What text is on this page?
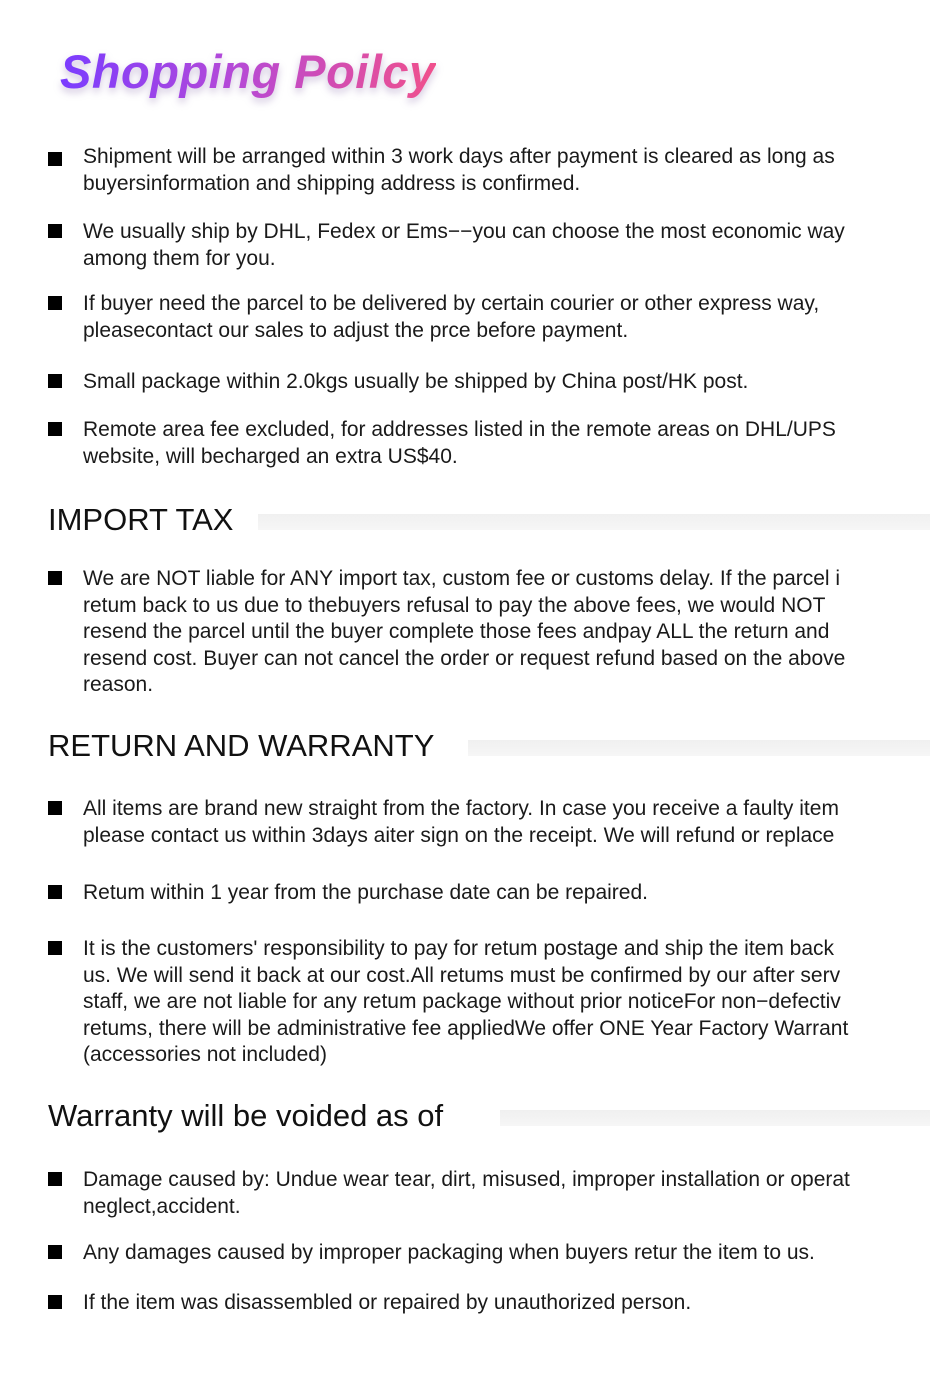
Shopping Poilcy

Shipment will be arranged within 3 work days after payment is cleared as long as
buyersinformation and shipping address is confirmed.

We usually ship by DHL, Fedex or Ems−−you can choose the most economic way
among them for you.

If buyer need the parcel to be delivered by certain courier or other express way,
pleasecontact our sales to adjust the prce before payment.

Small package within 2.0kgs usually be shipped by China post/HK post.

Remote area fee excluded, for addresses listed in the remote areas on DHL/UPS
website, will becharged an extra US$40.

IMPORT TAX

We are NOT liable for ANY import tax, custom fee or customs delay. If the parcel i
retum back to us due to thebuyers refusal to pay the above fees, we would NOT
resend the parcel until the buyer complete those fees andpay ALL the return and
resend cost. Buyer can not cancel the order or request refund based on the above
reason.

RETURN AND WARRANTY

All items are brand new straight from the factory. In case you receive a faulty item
please contact us within 3days aiter sign on the receipt. We will refund or replace

Retum within 1 year from the purchase date can be repaired.

It is the customers' responsibility to pay for retum postage and ship the item back
us. We will send it back at our cost.All retums must be confirmed by our after serv
staff, we are not liable for any retum package without prior noticeFor non−defectiv
retums, there will be administrative fee appliedWe offer ONE Year Factory Warrant
(accessories not included)

Warranty will be voided as of

Damage caused by: Undue wear tear, dirt, misused, improper installation or operat
neglect,accident.

Any damages caused by improper packaging when buyers retur the item to us.

If the item was disassembled or repaired by unauthorized person.
